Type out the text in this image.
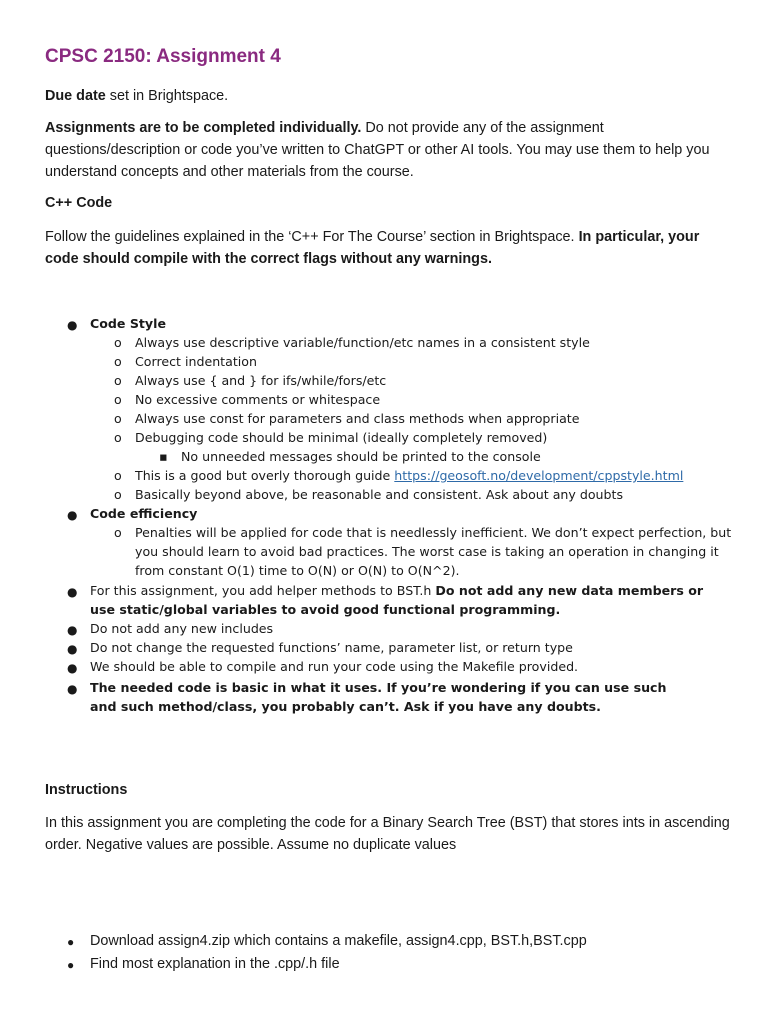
CPSC 2150: Assignment 4
Due date set in Brightspace.
Assignments are to be completed individually. Do not provide any of the assignment questions/description or code you’ve written to ChatGPT or other AI tools. You may use them to help you understand concepts and other materials from the course.
C++ Code
Follow the guidelines explained in the ‘C++ For The Course’ section in Brightspace. In particular, your code should compile with the correct flags without any warnings.
● Code Style
o Always use descriptive variable/function/etc names in a consistent style
o Correct indentation
o Always use { and } for ifs/while/fors/etc
o No excessive comments or whitespace
o Always use const for parameters and class methods when appropriate
o Debugging code should be minimal (ideally completely removed)
▪ No unneeded messages should be printed to the console
o This is a good but overly thorough guide https://geosoft.no/development/cppstyle.html
o Basically beyond above, be reasonable and consistent. Ask about any doubts
● Code efficiency
o Penalties will be applied for code that is needlessly inefficient. We don’t expect perfection, but you should learn to avoid bad practices. The worst case is taking an operation in changing it from constant O(1) time to O(N) or O(N) to O(N^2).
● For this assignment, you add helper methods to BST.h Do not add any new data members or use static/global variables to avoid good functional programming.
● Do not add any new includes
● Do not change the requested functions’ name, parameter list, or return type
● We should be able to compile and run your code using the Makefile provided.
● The needed code is basic in what it uses. If you’re wondering if you can use such and such method/class, you probably can’t. Ask if you have any doubts.
Instructions
In this assignment you are completing the code for a Binary Search Tree (BST) that stores ints in ascending order. Negative values are possible. Assume no duplicate values
● Download assign4.zip which contains a makefile, assign4.cpp, BST.h,BST.cpp
● Find most explanation in the .cpp/.h file
